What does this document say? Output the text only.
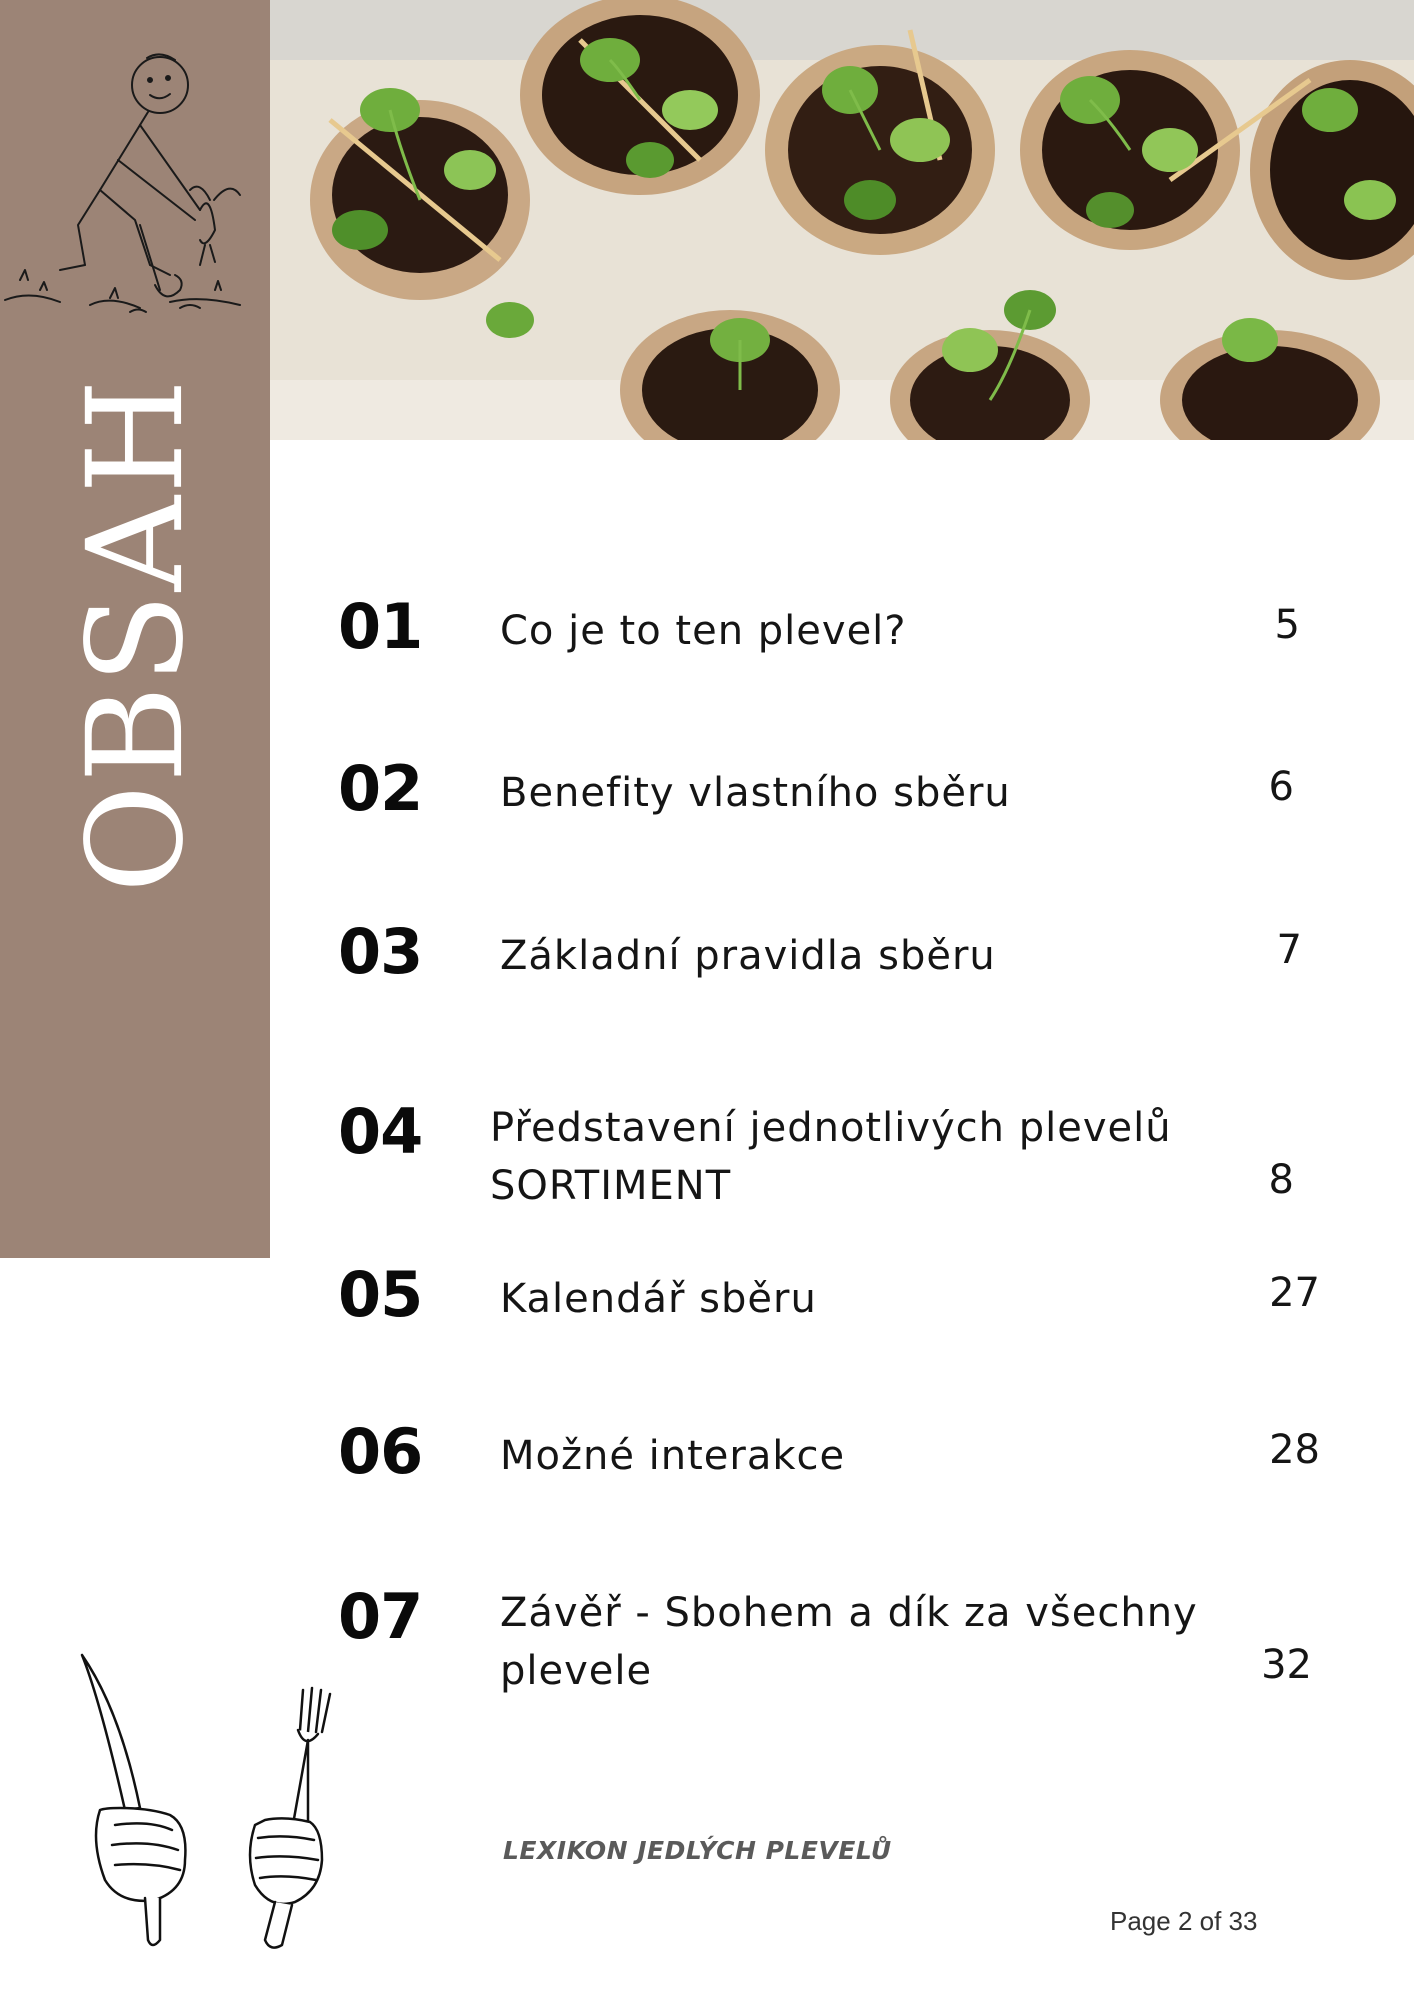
OBSAH 01 Co je to ten plevel?	5
02 Benefity vlastního sběru	6
03 Základní pravidla sběru	7
04 Představení jednotlivých plevelů
SORTIMENT	8
05 Kalendář sběru	27
06 Možné interakce	28
07 Závěř - Sbohem a dík za všechny
plevele	32
LEXIKON JEDLÝCH PLEVELŮ
Page 2 of 33
